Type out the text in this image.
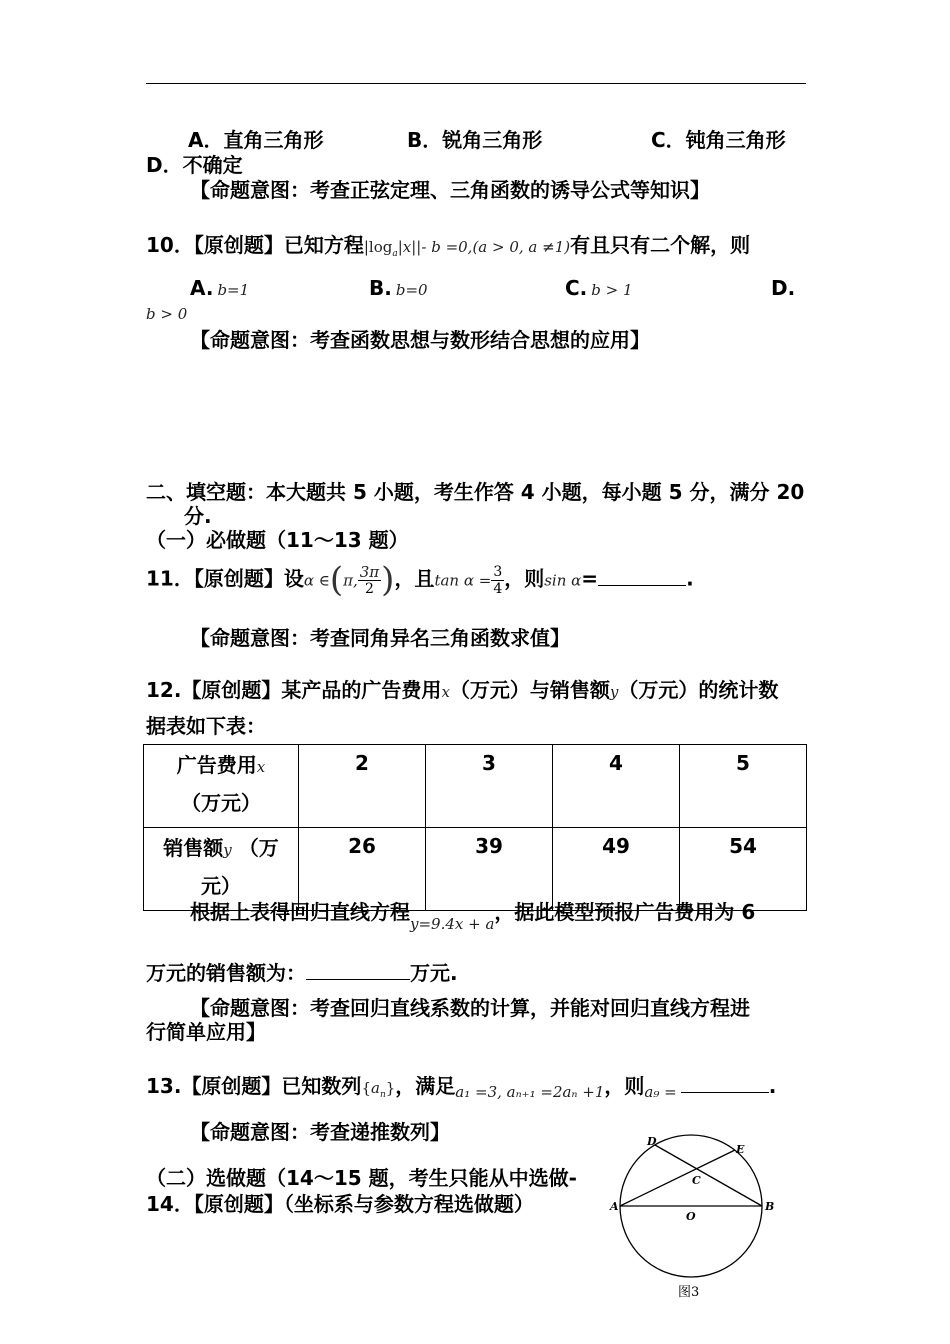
A．直角三角形	B．锐角三角形	C．钝角三角形
D．不确定
【命题意图：考查正弦定理、三角函数的诱导公式等知识】
10．【原创题】已知方程$|\log_a|x||-$ b =0,(a > 0, a ≠1)有且只有二个解，则
A. b=1	B. b=0	C. b > 1	D.
b > 0
【命题意图：考查函数思想与数形结合思想的应用】
二、填空题：本大题共 5 小题，考生作答 4 小题，每小题 5 分，满分 20
分.
（一）必做题（11～13 题）
11．【原创题】设α ∈(π, $\frac{3\pi}{2}$ )，且$\tan \alpha = \frac{3}{4}$ ，则sin α=	.
【命题意图：考查同角异名三角函数求值】
12.【原创题】某产品的广告费用x（万元）与销售额y（万元）的统计数
据表如下表：
广告费用x
（万元）	2	3	4	5
销售额y （万
元）	26	39	49	54
根据上表得回归直线方程$_{y=9.4x + a}$，据此模型预报广告费用为 6
万元的销售额为：	万元.
【命题意图：考查回归直线系数的计算，并能对回归直线方程进
行简单应用】
13.【原创题】已知数列$\{a_n\}$，满足$_{a_1 =3, a_{n+1} =2a_n +1}$，则$_{a_9 =}$	.
【命题意图：考查递推数列】
（二）选做题（14～15 题，考生只能从中选做-
14．【原创题】（坐标系与参数方程选做题）	A	B
C
D
E
O
图3
